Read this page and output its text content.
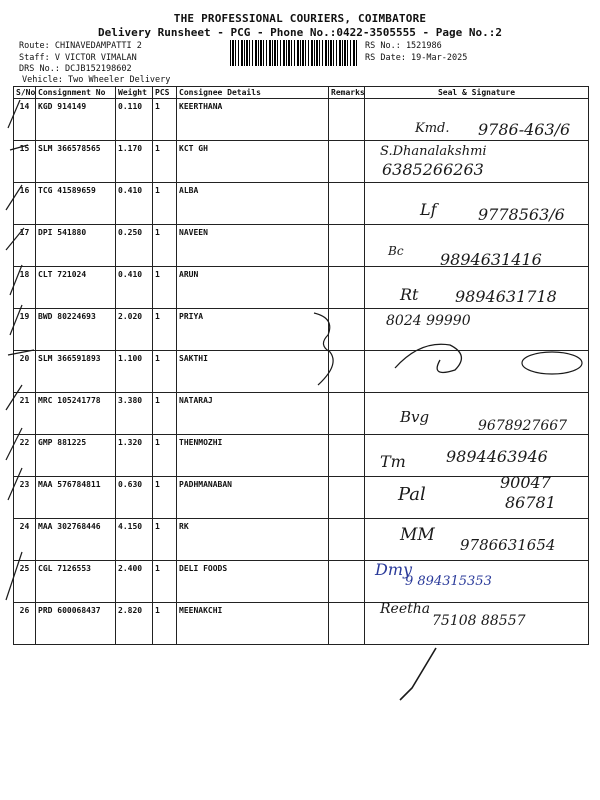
THE PROFESSIONAL COURIERS, COIMBATORE
Delivery Runsheet - PCG - Phone No.:0422-3505555 - Page No.:2
Route: CHINAVEDAMPATTI 2
Staff: V VICTOR VIMALAN
DRS No.: DCJB152198602
Vehicle: Two Wheeler Delivery
RS No.: 1521986
RS Date: 19-Mar-2025
S/No	Consignment No	Weight	PCS	Consignee Details	Remarks	Seal & Signature
14	KGD 914149	0.110	1	KEERTHANA		
15	SLM 366578565	1.170	1	KCT GH		
16	TCG 41589659	0.410	1	ALBA		
17	DPI 541880	0.250	1	NAVEEN		
18	CLT 721024	0.410	1	ARUN		
19	BWD 80224693	2.020	1	PRIYA		
20	SLM 366591893	1.100	1	SAKTHI		
21	MRC 105241778	3.380	1	NATARAJ		
22	GMP 881225	1.320	1	THENMOZHI		
23	MAA 576784811	0.630	1	PADHMANABAN		
24	MAA 302768446	4.150	1	RK		
25	CGL 7126553	2.400	1	DELI FOODS		
26	PRD 600068437	2.820	1	MEENAKCHI		
Kmd. 9786-463/6
S.Dhanalakshmi
6385266263
Lf	9778563/6
Bc 9894631416
Rt 9894631718
8024 99990
Bvg	9678927667
Tm	9894463946
Pal
90047
86781
MM 9786631654
Dmy
9 894315353
Reetha
75108 88557
